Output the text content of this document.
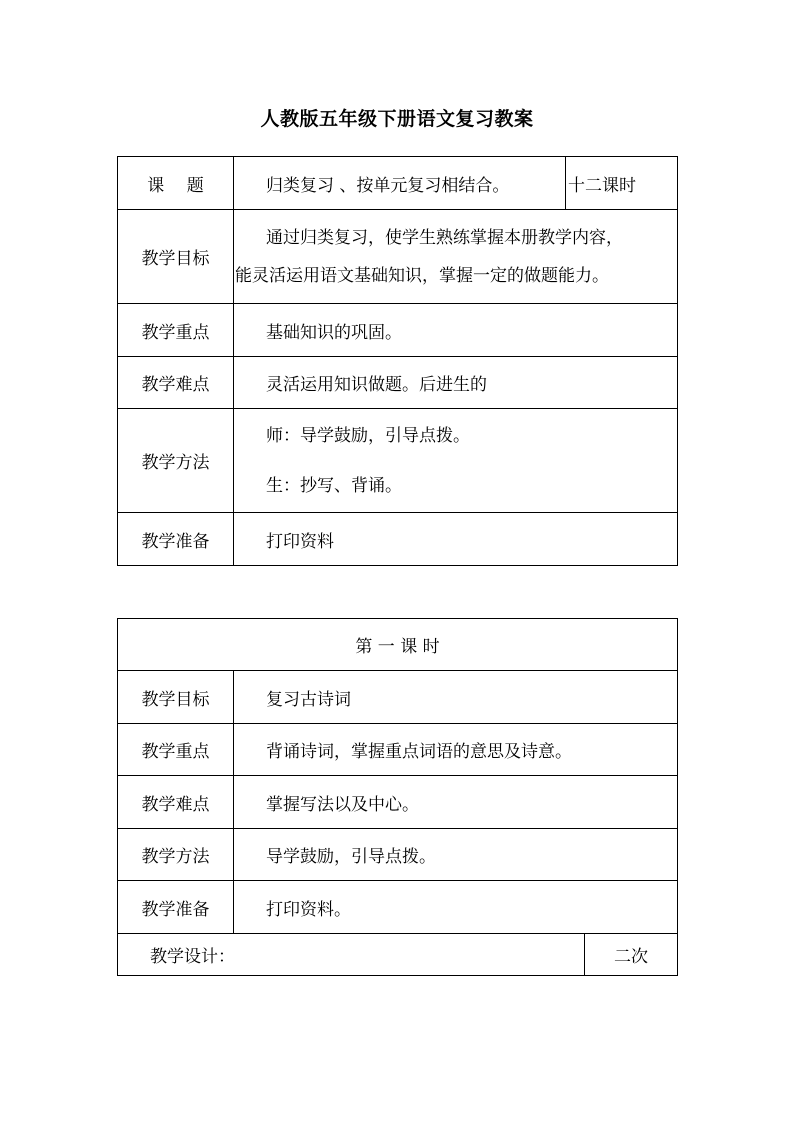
人教版五年级下册语文复习教案
课　 题	归类复习 、按单元复习相结合。	十二课时
教学目标	通过归类复习，使学生熟练掌握本册教学内容，
能灵活运用语文基础知识，掌握一定的做题能力。	

教学重点	基础知识的巩固。	
教学难点	灵活运用知识做题。后进生的	
教学方法	师：导学鼓励，引导点拨。
生：抄写、背诵。	

教学准备	打印资料	
第 一 课 时		
教学目标	复习古诗词	
教学重点	背诵诗词，掌握重点词语的意思及诗意。	
教学难点	掌握写法以及中心。	
教学方法	导学鼓励，引导点拨。	
教学准备	打印资料。	
教学设计：		二次
